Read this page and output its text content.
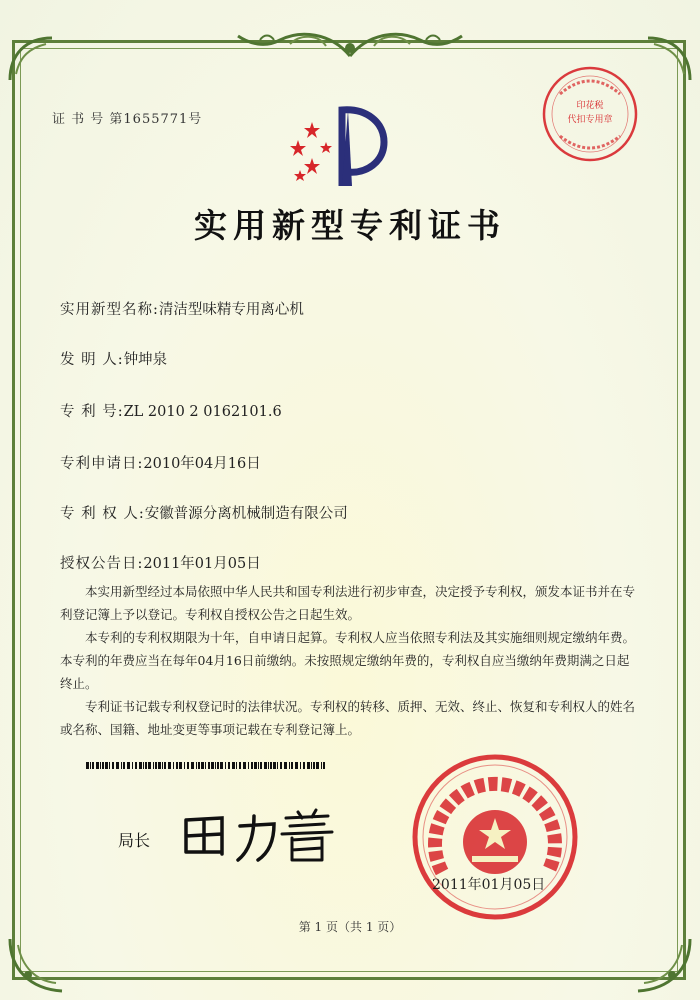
证 书 号 第1655771号
印花税
代扣专用章
实用新型专利证书
实用新型名称:清洁型味精专用离心机
发 明 人:钟坤泉
专 利 号:ZL 2010 2 0162101.6
专利申请日:2010年04月16日
专 利 权 人:安徽普源分离机械制造有限公司
授权公告日:2011年01月05日

本实用新型经过本局依照中华人民共和国专利法进行初步审查，决定授予专利权，颁发本证书并在专利登记簿上予以登记。专利权自授权公告之日起生效。

本专利的专利权期限为十年，自申请日起算。专利权人应当依照专利法及其实施细则规定缴纳年费。本专利的年费应当在每年04月16日前缴纳。未按照规定缴纳年费的，专利权自应当缴纳年费期满之日起终止。

专利证书记载专利权登记时的法律状况。专利权的转移、质押、无效、终止、恢复和专利权人的姓名或名称、国籍、地址变更等事项记载在专利登记簿上。

局长
2011年01月05日
第 1 页（共 1 页）
